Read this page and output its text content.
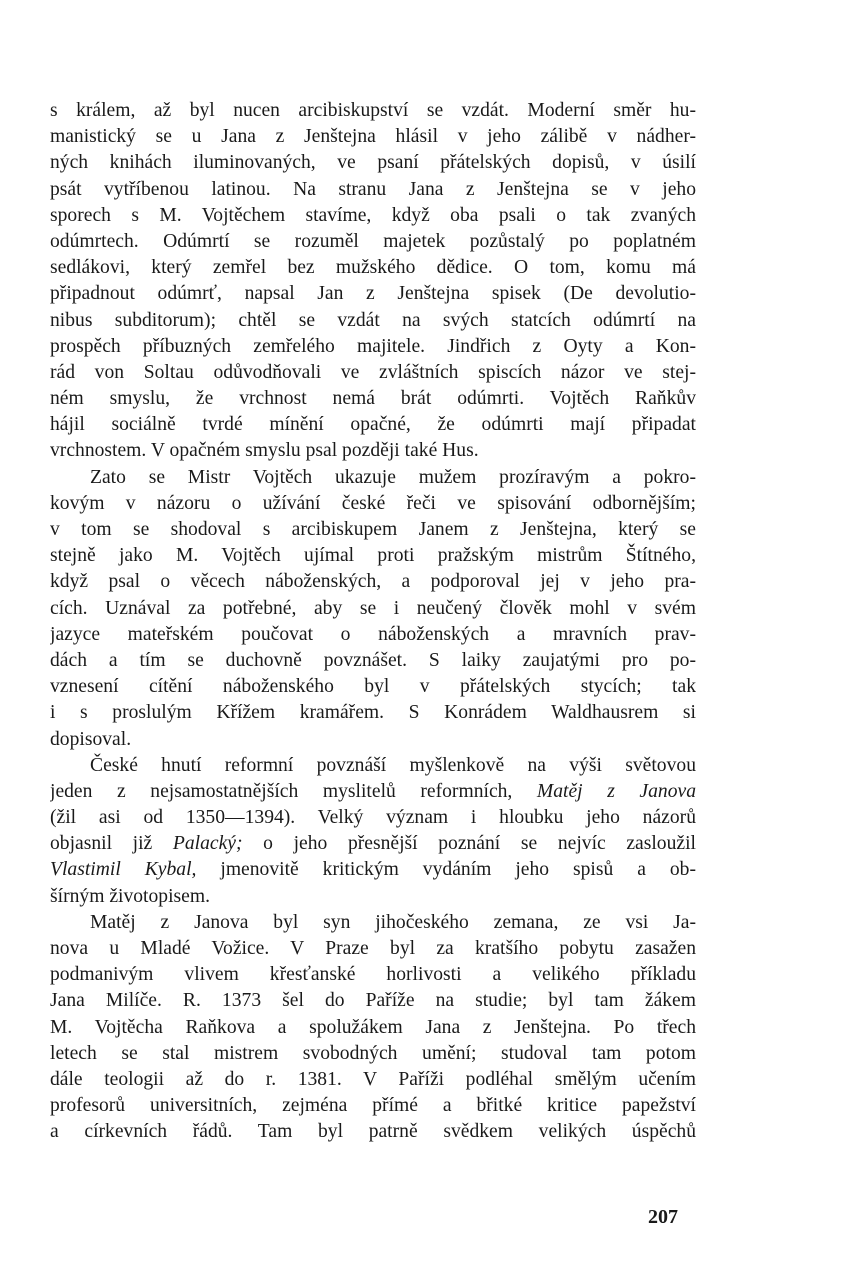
s králem, až byl nucen arcibiskupství se vzdát. Moderní směr hu-
manistický se u Jana z Jenštejna hlásil v jeho zálibě v nádher-
ných knihách iluminovaných, ve psaní přátelských dopisů, v úsilí
psát vytříbenou latinou. Na stranu Jana z Jenštejna se v jeho
sporech s M. Vojtěchem stavíme, když oba psali o tak zvaných
odúmrtech. Odúmrtí se rozuměl majetek pozůstalý po poplatném
sedlákovi, který zemřel bez mužského dědice. O tom, komu má
připadnout odúmrť, napsal Jan z Jenštejna spisek (De devolutio-
nibus subditorum); chtěl se vzdát na svých statcích odúmrtí na
prospěch příbuzných zemřelého majitele. Jindřich z Oyty a Kon-
rád von Soltau odůvodňovali ve zvláštních spiscích názor ve stej-
ném smyslu, že vrchnost nemá brát odúmrti. Vojtěch Raňkův
hájil sociálně tvrdé mínění opačné, že odúmrti mají připadat
vrchnostem. V opačném smyslu psal později také Hus.
Zato se Mistr Vojtěch ukazuje mužem prozíravým a pokro-
kovým v názoru o užívání české řeči ve spisování odbornějším;
v tom se shodoval s arcibiskupem Janem z Jenštejna, který se
stejně jako M. Vojtěch ujímal proti pražským mistrům Štítného,
když psal o věcech náboženských, a podporoval jej v jeho pra-
cích. Uznával za potřebné, aby se i neučený člověk mohl v svém
jazyce mateřském poučovat o náboženských a mravních prav-
dách a tím se duchovně povznášet. S laiky zaujatými pro po-
vznesení cítění náboženského byl v přátelských stycích; tak
i s proslulým Křížem kramářem. S Konrádem Waldhausrem si
dopisoval.
České hnutí reformní povznáší myšlenkově na výši světovou
jeden z nejsamostatnějších myslitelů reformních, Matěj z Janova
(žil asi od 1350—1394). Velký význam i hloubku jeho názorů
objasnil již Palacký; o jeho přesnější poznání se nejvíc zasloužil
Vlastimil Kybal, jmenovitě kritickým vydáním jeho spisů a ob-
šírným životopisem.
Matěj z Janova byl syn jihočeského zemana, ze vsi Ja-
nova u Mladé Vožice. V Praze byl za kratšího pobytu zasažen
podmanivým vlivem křesťanské horlivosti a velikého příkladu
Jana Milíče. R. 1373 šel do Paříže na studie; byl tam žákem
M. Vojtěcha Raňkova a spolužákem Jana z Jenštejna. Po třech
letech se stal mistrem svobodných umění; studoval tam potom
dále teologii až do r. 1381. V Paříži podléhal smělým učením
profesorů universitních, zejména přímé a břitké kritice papežství
a církevních řádů. Tam byl patrně svědkem velikých úspěchů
207
